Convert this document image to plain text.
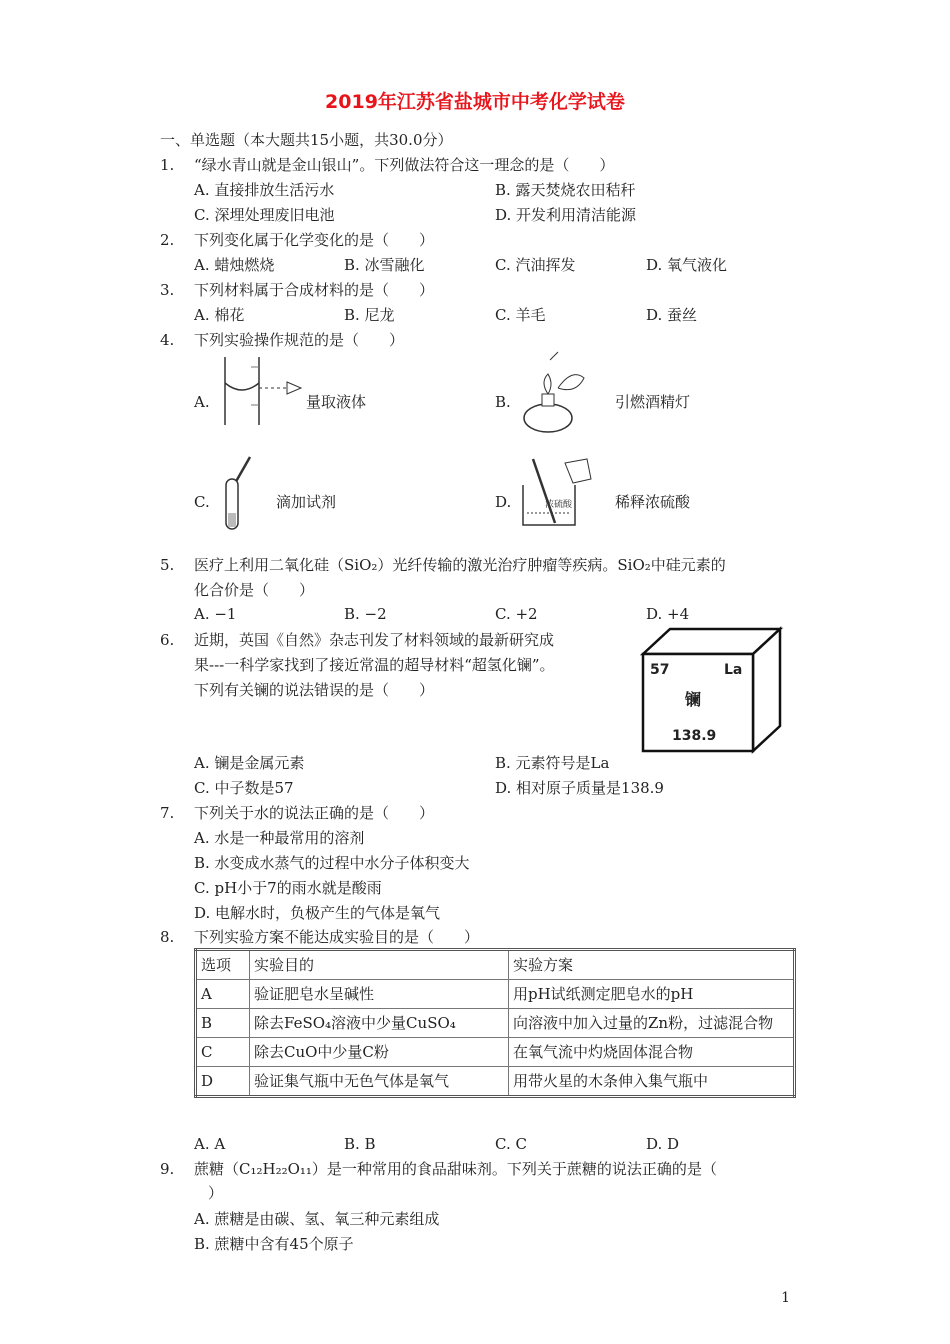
2019年江苏省盐城市中考化学试卷
一、单选题（本大题共15小题，共30.0分）
1. “绿水青山就是金山银山”。下列做法符合这一理念的是（　　）
A. 直接排放生活污水	B. 露天焚烧农田秸秆
C. 深埋处理废旧电池	D. 开发利用清洁能源
2. 下列变化属于化学变化的是（　　）
A. 蜡烛燃烧	B. 冰雪融化	C. 汽油挥发	D. 氧气液化
3. 下列材料属于合成材料的是（　　）
A. 棉花	B. 尼龙	C. 羊毛	D. 蚕丝
4. 下列实验操作规范的是（　　）
A.	量取液体	B.	引燃酒精灯
C.	滴加试剂	D.	浓硫酸	稀释浓硫酸
5. 医疗上利用二氧化硅（SiO₂）光纤传输的激光治疗肿瘤等疾病。SiO₂中硅元素的
化合价是（　　）
A. −1	B. −2	C. +2	D. +4
6. 近期，英国《自然》杂志刊发了材料领域的最新研究成
果---一科学家找到了接近常温的超导材料“超氢化镧”。
下列有关镧的说法错误的是（　　）
57	La
镧
138.9
A. 镧是金属元素	B. 元素符号是La
C. 中子数是57	D. 相对原子质量是138.9
7. 下列关于水的说法正确的是（　　）
A. 水是一种最常用的溶剂
B. 水变成水蒸气的过程中水分子体积变大
C. pH小于7的雨水就是酸雨
D. 电解水时，负极产生的气体是氧气
8. 下列实验方案不能达成实验目的是（　　）
选项	实验目的	实验方案
A	验证肥皂水呈碱性	用pH试纸测定肥皂水的pH
B	除去FeSO₄溶液中少量CuSO₄	向溶液中加入过量的Zn粉，过滤混合物
C	除去CuO中少量C粉	在氧气流中灼烧固体混合物
D	验证集气瓶中无色气体是氧气	用带火星的木条伸入集气瓶中
A. A	B. B	C. C	D. D
9. 蔗糖（C₁₂H₂₂O₁₁）是一种常用的食品甜味剂。下列关于蔗糖的说法正确的是（
）
A. 蔗糖是由碳、氢、氧三种元素组成
B. 蔗糖中含有45个原子
1
